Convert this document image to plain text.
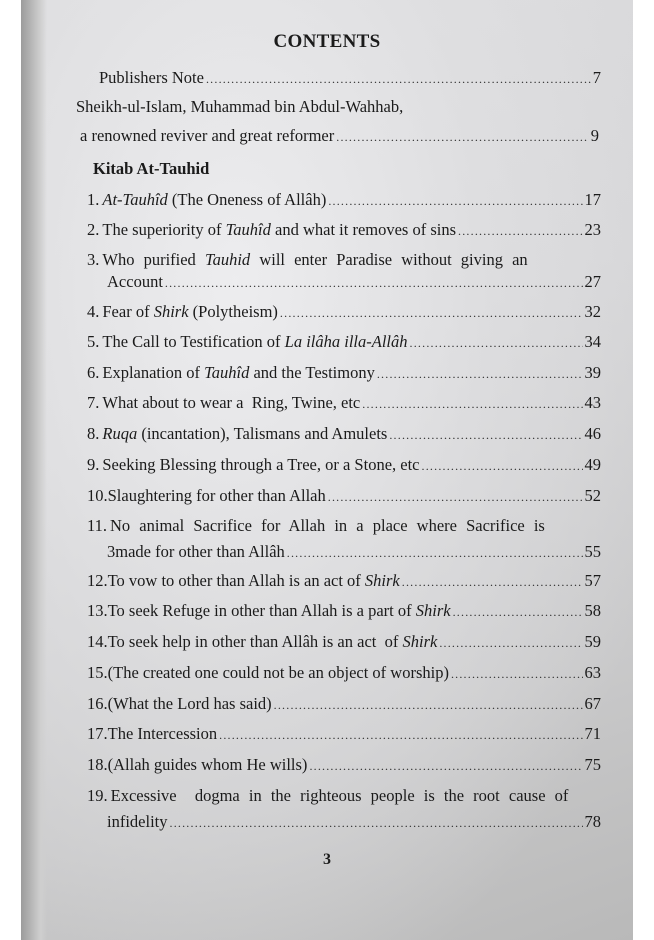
CONTENTS
Publishers Note .....	7
Sheikh-ul-Islam, Muhammad bin Abdul-Wahhab,
a renowned reviver and great reformer .....	9
Kitab At-Tauhid
1. At-Tauhîd (The Oneness of Allâh) .....	17
2. The superiority of Tauhîd and what it removes of sins .....	23
3. Who purified Tauhid will enter Paradise without giving an
Account .....	27
4. Fear of Shirk (Polytheism) .....	32
5. The Call to Testification of La ilâha illa-Allâh .....	34
6. Explanation of Tauhîd and the Testimony .....	39
7. What about to wear a  Ring, Twine, etc .....	43
8. Ruqa (incantation), Talismans and Amulets .....	46
9. Seeking Blessing through a Tree, or a Stone, etc .....	49
10. Slaughtering for other than Allah .....	52
11. No animal Sacrifice for Allah in a place where Sacrifice is
3made for other than Allâh .....	55
12. To vow to other than Allah is an act of Shirk .....	57
13. To seek Refuge in other than Allah is a part of Shirk .....	58
14. To seek help in other than Allâh is an act  of Shirk .....	59
15. (The created one could not be an object of worship) .....	63
16. (What the Lord has said) .....	67
17. The Intercession .....	71
18. (Allah guides whom He wills) .....	75
19. Excessive  dogma in the righteous people is the root cause of
infidelity .....	78
3
